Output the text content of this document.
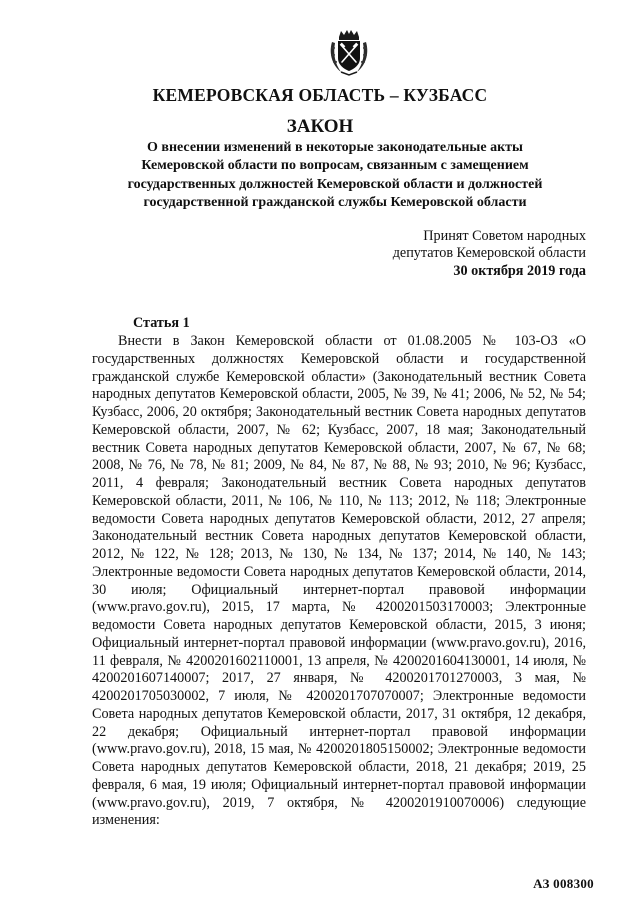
КЕМЕРОВСКАЯ ОБЛАСТЬ – КУЗБАСС
ЗАКОН
О внесении изменений в некоторые законодательные акты
Кемеровской области по вопросам, связанным с замещением
государственных должностей Кемеровской области и должностей
государственной гражданской службы Кемеровской области
Принят Советом народных
депутатов Кемеровской области
30 октября 2019 года
Статья 1

Внести в Закон Кемеровской области от 01.08.2005 № 103-ОЗ «О государственных должностях Кемеровской области и государственной гражданской службе Кемеровской области» (Законодательный вестник Совета народных депутатов Кемеровской области, 2005, № 39, № 41; 2006, № 52, № 54; Кузбасс, 2006, 20 октября; Законодательный вестник Совета народных депутатов Кемеровской области, 2007, № 62; Кузбасс, 2007, 18 мая; Законодательный вестник Совета народных депутатов Кемеровской области, 2007, № 67, № 68; 2008, № 76, № 78, № 81; 2009, № 84, № 87, № 88, № 93; 2010, № 96; Кузбасс, 2011, 4 февраля; Законодательный вестник Совета народных депутатов Кемеровской области, 2011, № 106, № 110, № 113; 2012, № 118; Электронные ведомости Совета народных депутатов Кемеровской области, 2012, 27 апреля; Законодательный вестник Совета народных депутатов Кемеровской области, 2012, № 122, № 128; 2013, № 130, № 134, № 137; 2014, № 140, № 143; Электронные ведомости Совета народных депутатов Кемеровской области, 2014, 30 июля; Официальный интернет-портал правовой информации (www.pravo.gov.ru), 2015, 17 марта, № 4200201503170003; Электронные ведомости Совета народных депутатов Кемеровской области, 2015, 3 июня; Официальный интернет-портал правовой информации (www.pravo.gov.ru), 2016, 11 февраля, № 4200201602110001, 13 апреля, № 4200201604130001, 14 июля, № 4200201607140007; 2017, 27 января, № 4200201701270003, 3 мая, № 4200201705030002, 7 июля, № 4200201707070007; Электронные ведомости Совета народных депутатов Кемеровской области, 2017, 31 октября, 12 декабря, 22 декабря; Официальный интернет-портал правовой информации (www.pravo.gov.ru), 2018, 15 мая, № 4200201805150002; Электронные ведомости Совета народных депутатов Кемеровской области, 2018, 21 декабря; 2019, 25 февраля, 6 мая, 19 июля; Официальный интернет-портал правовой информации (www.pravo.gov.ru), 2019, 7 октября, № 4200201910070006) следующие изменения:

АЗ 008300
